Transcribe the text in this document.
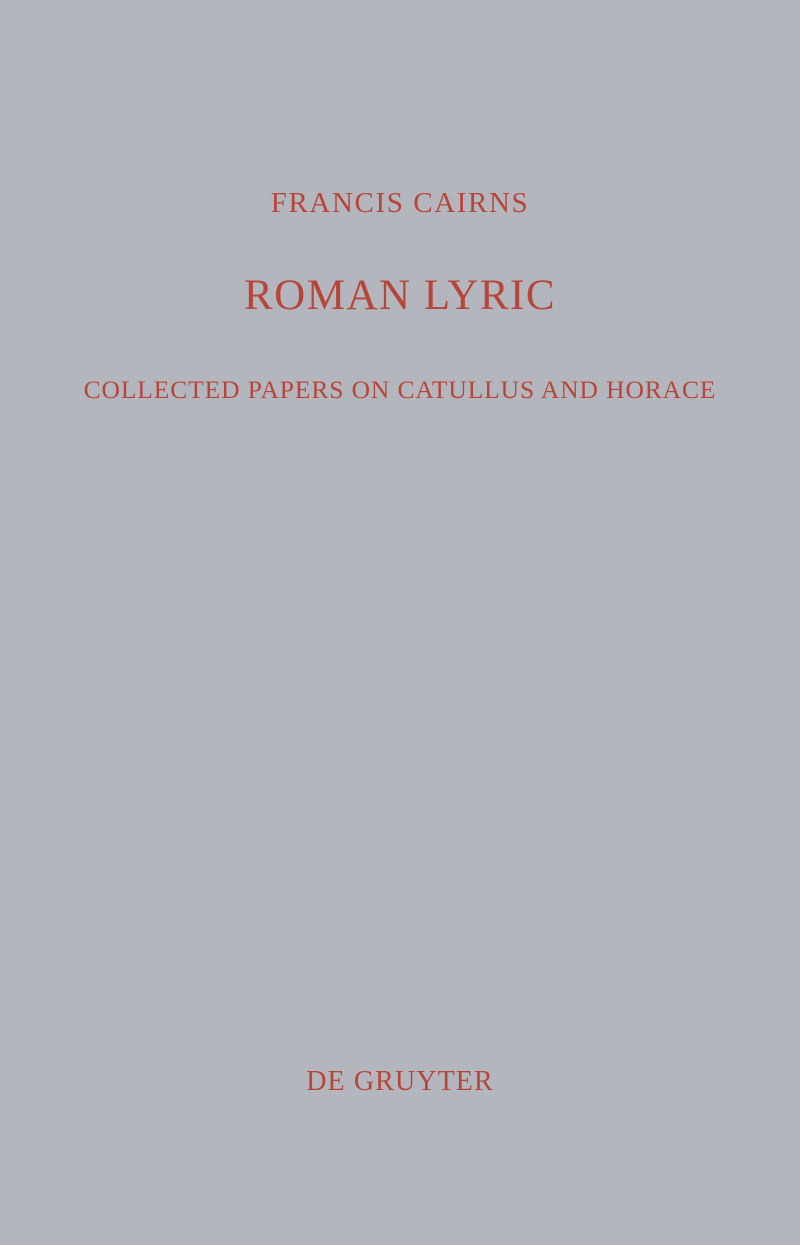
FRANCIS CAIRNS

ROMAN LYRIC

COLLECTED PAPERS ON CATULLUS AND HORACE

DE GRUYTER
